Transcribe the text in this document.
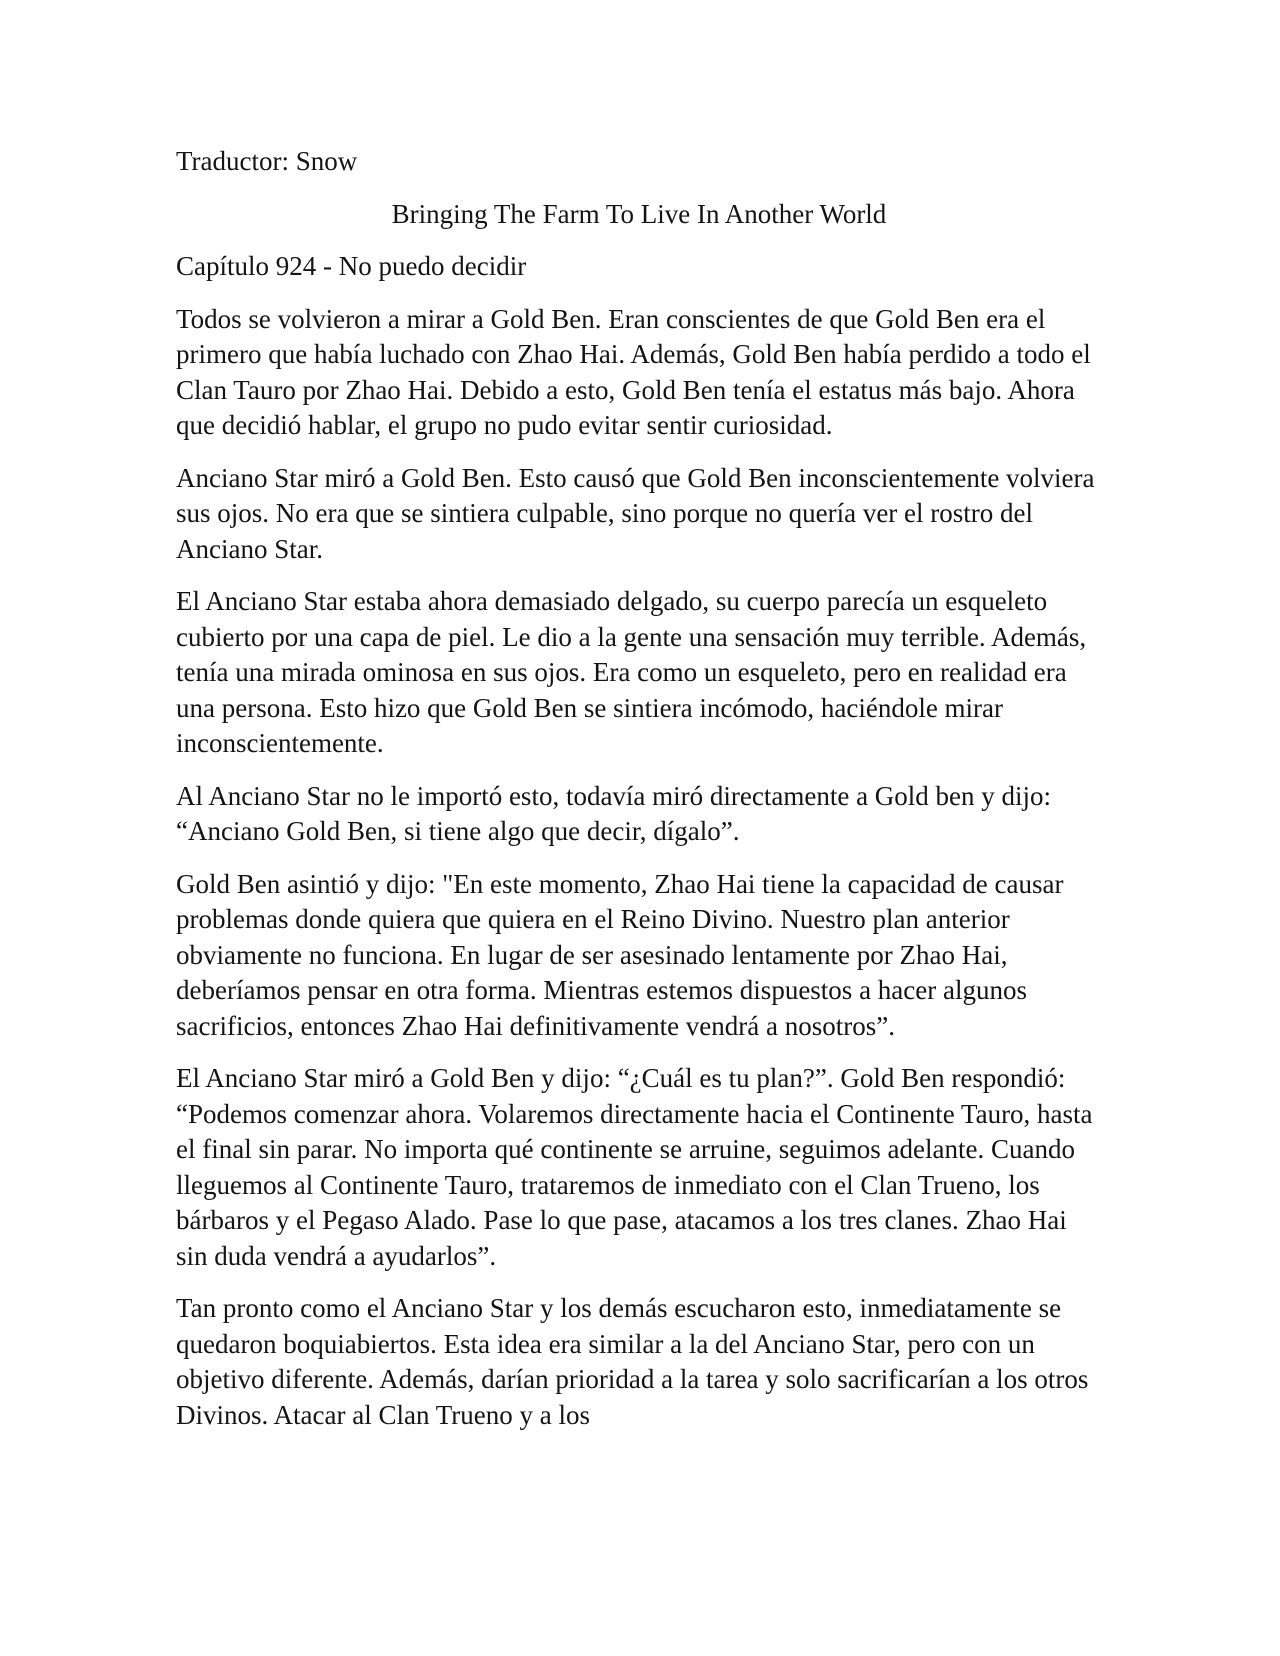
Traductor: Snow

Bringing The Farm To Live In Another World

Capítulo 924 - No puedo decidir

Todos se volvieron a mirar a Gold Ben. Eran conscientes de que Gold Ben era el primero que había luchado con Zhao Hai. Además, Gold Ben había perdido a todo el Clan Tauro por Zhao Hai. Debido a esto, Gold Ben tenía el estatus más bajo. Ahora que decidió hablar, el grupo no pudo evitar sentir curiosidad.

Anciano Star miró a Gold Ben. Esto causó que Gold Ben inconscientemente volviera sus ojos. No era que se sintiera culpable, sino porque no quería ver el rostro del Anciano Star.

El Anciano Star estaba ahora demasiado delgado, su cuerpo parecía un esqueleto cubierto por una capa de piel. Le dio a la gente una sensación muy terrible. Además, tenía una mirada ominosa en sus ojos. Era como un esqueleto, pero en realidad era una persona. Esto hizo que Gold Ben se sintiera incómodo, haciéndole mirar inconscientemente.

Al Anciano Star no le importó esto, todavía miró directamente a Gold ben y dijo: “Anciano Gold Ben, si tiene algo que decir, dígalo”.

Gold Ben asintió y dijo: "En este momento, Zhao Hai tiene la capacidad de causar problemas donde quiera que quiera en el Reino Divino. Nuestro plan anterior obviamente no funciona. En lugar de ser asesinado lentamente por Zhao Hai, deberíamos pensar en otra forma. Mientras estemos dispuestos a hacer algunos sacrificios, entonces Zhao Hai definitivamente vendrá a nosotros”.

El Anciano Star miró a Gold Ben y dijo: “¿Cuál es tu plan?”. Gold Ben respondió: “Podemos comenzar ahora. Volaremos directamente hacia el Continente Tauro, hasta el final sin parar. No importa qué continente se arruine, seguimos adelante. Cuando lleguemos al Continente Tauro, trataremos de inmediato con el Clan Trueno, los bárbaros y el Pegaso Alado. Pase lo que pase, atacamos a los tres clanes. Zhao Hai sin duda vendrá a ayudarlos”.

Tan pronto como el Anciano Star y los demás escucharon esto, inmediatamente se quedaron boquiabiertos. Esta idea era similar a la del Anciano Star, pero con un objetivo diferente. Además, darían prioridad a la tarea y solo sacrificarían a los otros Divinos. Atacar al Clan Trueno y a los
